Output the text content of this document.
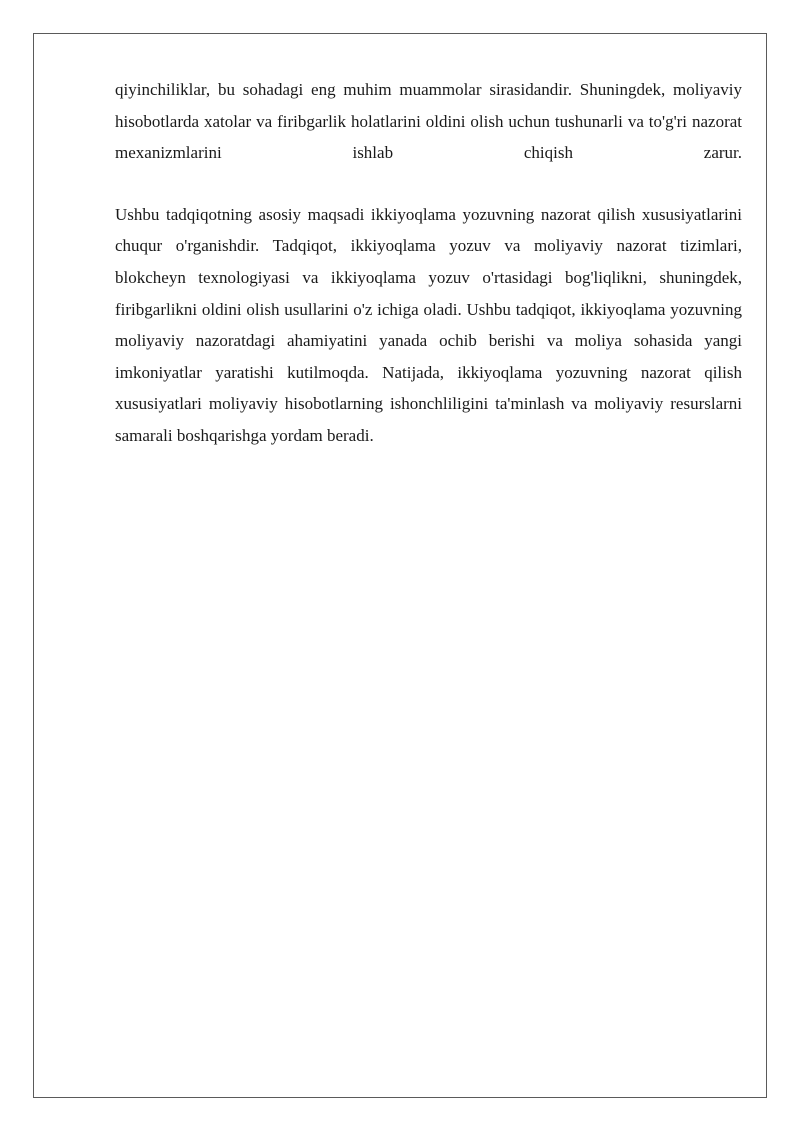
qiyinchiliklar, bu sohadagi eng muhim muammolar sirasidandir. Shuningdek, moliyaviy hisobotlarda xatolar va firibgarlik holatlarini oldini olish uchun tushunarli va to'g'ri nazorat mexanizmlarini ishlab chiqish zarur.

Ushbu tadqiqotning asosiy maqsadi ikkiyoqlama yozuvning nazorat qilish xususiyatlarini chuqur o'rganishdir. Tadqiqot, ikkiyoqlama yozuv va moliyaviy nazorat tizimlari, blokcheyn texnologiyasi va ikkiyoqlama yozuv o'rtasidagi bog'liqlikni, shuningdek, firibgarlikni oldini olish usullarini o'z ichiga oladi. Ushbu tadqiqot, ikkiyoqlama yozuvning moliyaviy nazoratdagi ahamiyatini yanada ochib berishi va moliya sohasida yangi imkoniyatlar yaratishi kutilmoqda. Natijada, ikkiyoqlama yozuvning nazorat qilish xususiyatlari moliyaviy hisobotlarning ishonchliligini ta'minlash va moliyaviy resurslarni samarali boshqarishga yordam beradi.
